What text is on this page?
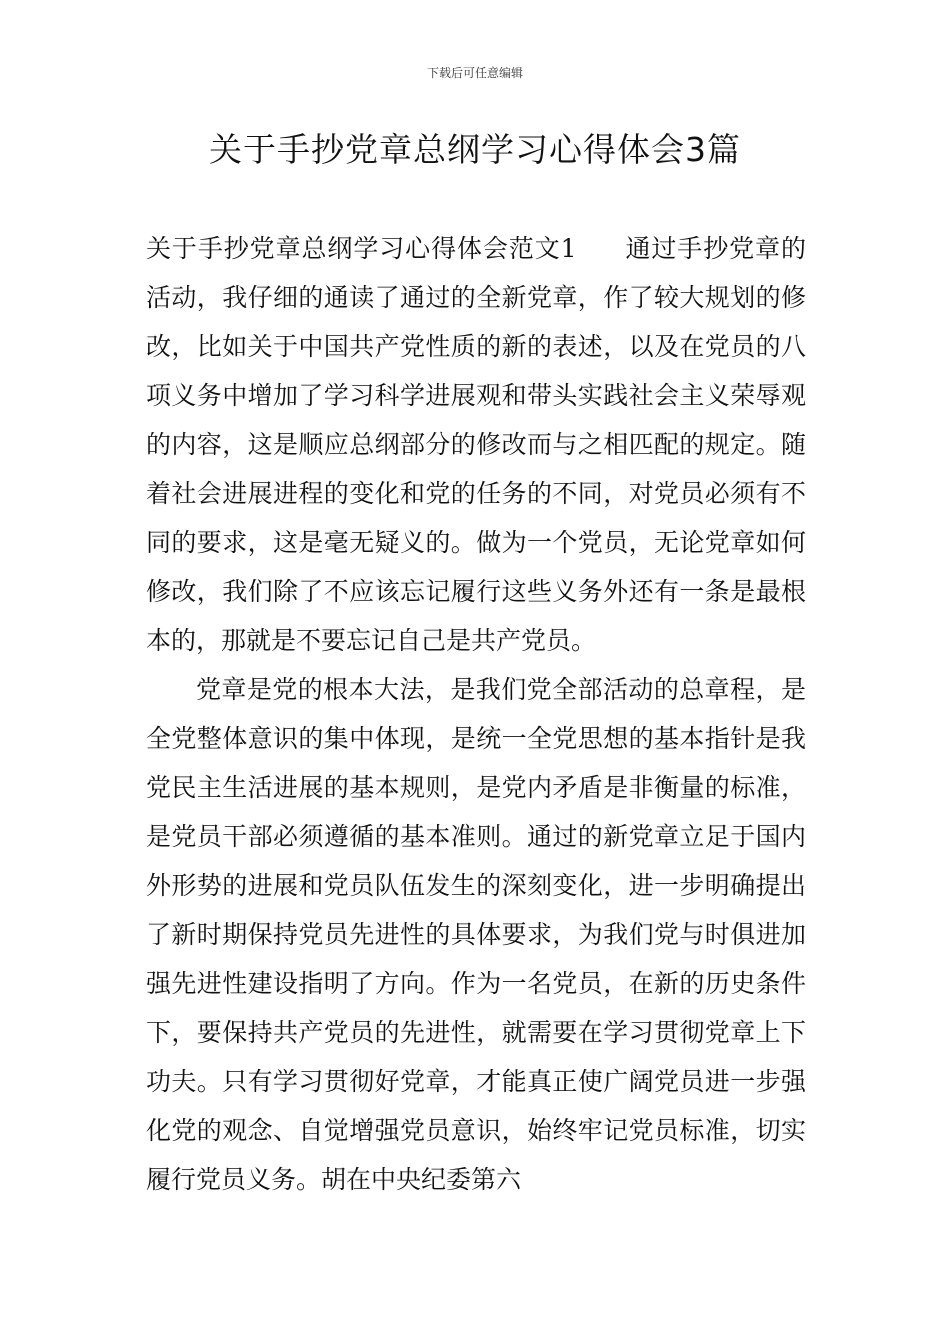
下载后可任意编辑
关于手抄党章总纲学习心得体会3篇

关于手抄党章总纲学习心得体会范文1 通过手抄党章的活动，我仔细的通读了通过的全新党章，作了较大规划的修改，比如关于中国共产党性质的新的表述，以及在党员的八项义务中增加了学习科学进展观和带头实践社会主义荣辱观的内容，这是顺应总纲部分的修改而与之相匹配的规定。随着社会进展进程的变化和党的任务的不同，对党员必须有不同的要求，这是毫无疑义的。做为一个党员，无论党章如何修改，我们除了不应该忘记履行这些义务外还有一条是最根本的，那就是不要忘记自己是共产党员。

党章是党的根本大法，是我们党全部活动的总章程，是全党整体意识的集中体现，是统一全党思想的基本指针是我党民主生活进展的基本规则，是党内矛盾是非衡量的标准，是党员干部必须遵循的基本准则。通过的新党章立足于国内外形势的进展和党员队伍发生的深刻变化，进一步明确提出了新时期保持党员先进性的具体要求，为我们党与时俱进加强先进性建设指明了方向。作为一名党员，在新的历史条件下，要保持共产党员的先进性，就需要在学习贯彻党章上下功夫。只有学习贯彻好党章，才能真正使广阔党员进一步强化党的观念、自觉增强党员意识，始终牢记党员标准，切实履行党员义务。胡在中央纪委第六
